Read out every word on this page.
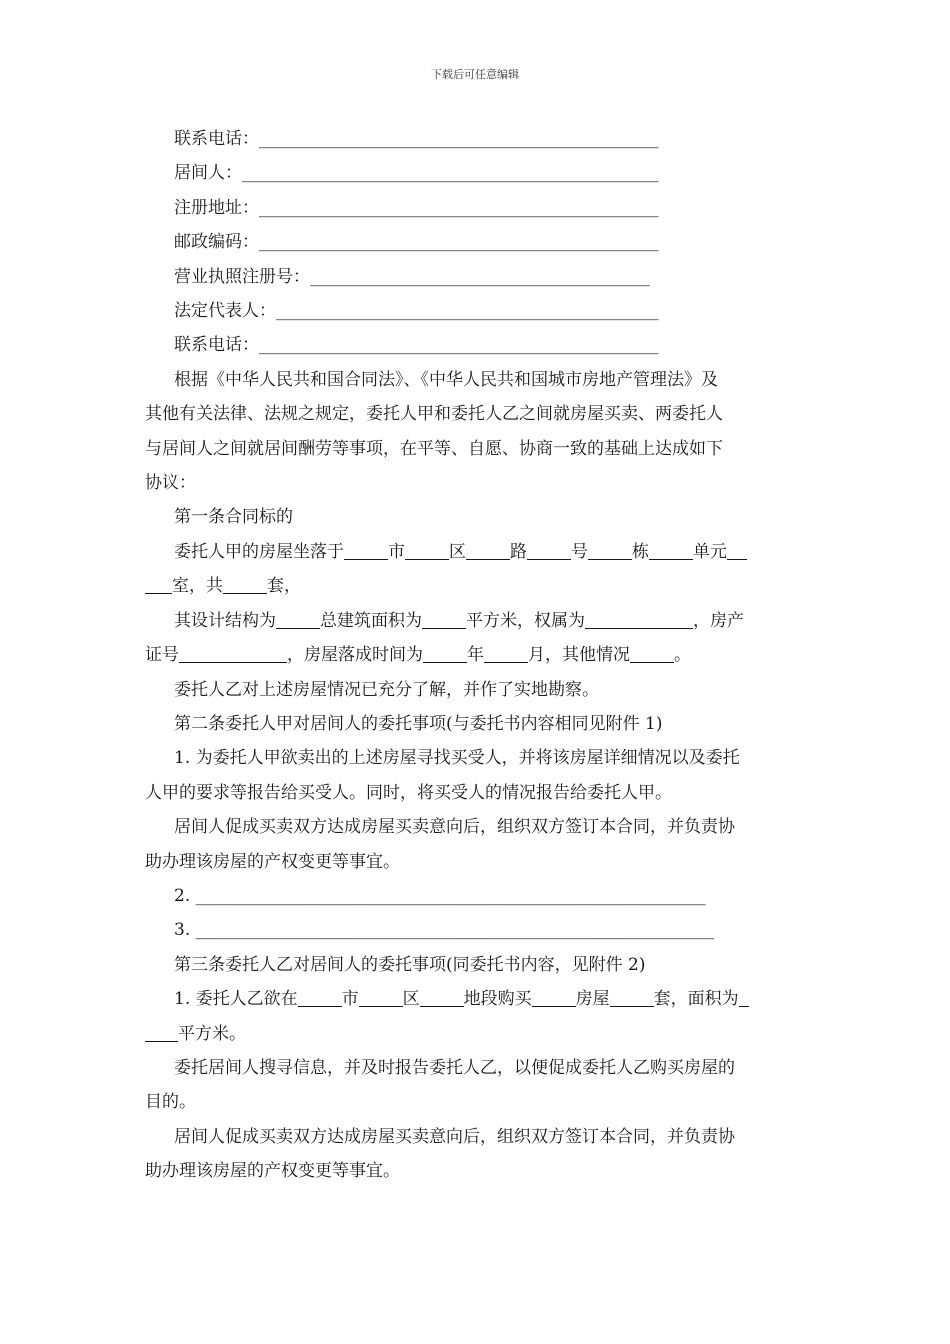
下载后可任意编辑
联系电话：_______________________________________________
居间人：_________________________________________________
注册地址：_______________________________________________
邮政编码：_______________________________________________
营业执照注册号：________________________________________
法定代表人：_____________________________________________
联系电话：_______________________________________________
根据《中华人民共和国合同法》、《中华人民共和国城市房地产管理法》及
其他有关法律、法规之规定，委托人甲和委托人乙之间就房屋买卖、两委托人
与居间人之间就居间酬劳等事项，在平等、自愿、协商一致的基础上达成如下
协议：
第一条合同标的
委托人甲的房屋坐落于	市	区	路	号	栋	单元
室，共	套，
其设计结构为	总建筑面积为	平方米，权属为	，房产
证号	，房屋落成时间为	年	月，其他情况	。
委托人乙对上述房屋情况已充分了解，并作了实地勘察。
第二条委托人甲对居间人的委托事项(与委托书内容相同见附件 1)
1. 为委托人甲欲卖出的上述房屋寻找买受人，并将该房屋详细情况以及委托
人甲的要求等报告给买受人。同时，将买受人的情况报告给委托人甲。
居间人促成买卖双方达成房屋买卖意向后，组织双方签订本合同，并负责协
助办理该房屋的产权变更等事宜。
2. ____________________________________________________________
3. _____________________________________________________________
第三条委托人乙对居间人的委托事项(同委托书内容，见附件 2)
1. 委托人乙欲在	市	区	地段购买	房屋	套，面积为
平方米。
委托居间人搜寻信息，并及时报告委托人乙，以便促成委托人乙购买房屋的
目的。
居间人促成买卖双方达成房屋买卖意向后，组织双方签订本合同，并负责协
助办理该房屋的产权变更等事宜。
